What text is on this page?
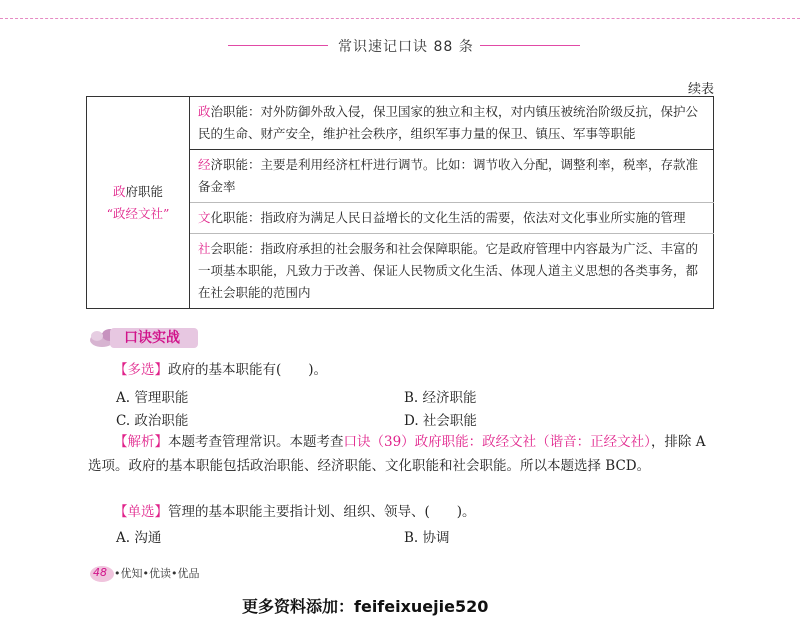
常识速记口诀 88 条
续表
政府职能
“政经文社”
	政治职能：对外防御外敌入侵，保卫国家的独立和主权，对内镇压被统治阶级反抗，保护公民的生命、财产安全，维护社会秩序，组织军事力量的保卫、镇压、军事等职能
经济职能：主要是利用经济杠杆进行调节。比如：调节收入分配，调整利率，税率，存款准备金率
文化职能：指政府为满足人民日益增长的文化生活的需要，依法对文化事业所实施的管理
社会职能：指政府承担的社会服务和社会保障职能。它是政府管理中内容最为广泛、丰富的一项基本职能，凡致力于改善、保证人民物质文化生活、体现人道主义思想的各类事务，都在社会职能的范围内
口诀实战
【多选】政府的基本职能有(　　)。
A. 管理职能	B. 经济职能
C. 政治职能	D. 社会职能
【解析】本题考查管理常识。本题考查口诀（39）政府职能：政经文社（谐音：正经文社），排除 A 选项。政府的基本职能包括政治职能、经济职能、文化职能和社会职能。所以本题选择 BCD。
【单选】管理的基本职能主要指计划、组织、领导、(　　)。
A. 沟通	B. 协调
48 •优知•优读•优品
更多资料添加：feifeixuejie520
